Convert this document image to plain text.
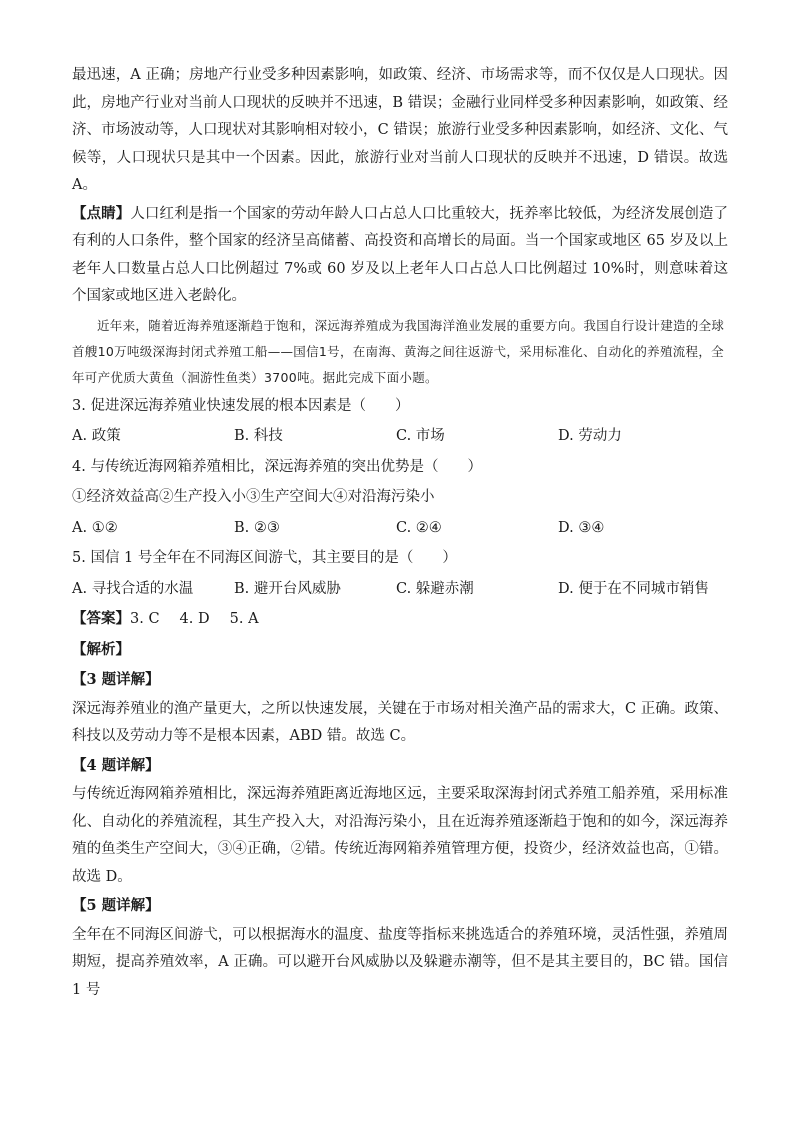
最迅速，A 正确；房地产行业受多种因素影响，如政策、经济、市场需求等，而不仅仅是人口现状。因此，房地产行业对当前人口现状的反映并不迅速，B 错误；金融行业同样受多种因素影响，如政策、经济、市场波动等，人口现状对其影响相对较小，C 错误；旅游行业受多种因素影响，如经济、文化、气候等，人口现状只是其中一个因素。因此，旅游行业对当前人口现状的反映并不迅速，D 错误。故选 A。

【点睛】人口红利是指一个国家的劳动年龄人口占总人口比重较大，抚养率比较低，为经济发展创造了有利的人口条件，整个国家的经济呈高储蓄、高投资和高增长的局面。当一个国家或地区 65 岁及以上老年人口数量占总人口比例超过 7%或 60 岁及以上老年人口占总人口比例超过 10%时，则意味着这个国家或地区进入老龄化。

近年来，随着近海养殖逐渐趋于饱和，深远海养殖成为我国海洋渔业发展的重要方向。我国自行设计建造的全球首艘10万吨级深海封闭式养殖工船——国信1号，在南海、黄海之间往返游弋，采用标准化、自动化的养殖流程，全年可产优质大黄鱼（洄游性鱼类）3700吨。据此完成下面小题。

3. 促进深远海养殖业快速发展的根本因素是（　　）

A. 政策	B. 科技	C. 市场	D. 劳动力

4. 与传统近海网箱养殖相比，深远海养殖的突出优势是（　　）

①经济效益高②生产投入小③生产空间大④对沿海污染小

A. ①②	B. ②③	C. ②④	D. ③④

5. 国信 1 号全年在不同海区间游弋，其主要目的是（　　）

A. 寻找合适的水温	B. 避开台风威胁	C. 躲避赤潮	D. 便于在不同城市销售

【答案】3. C 4. D 5. A

【解析】

【3 题详解】

深远海养殖业的渔产量更大，之所以快速发展，关键在于市场对相关渔产品的需求大，C 正确。政策、科技以及劳动力等不是根本因素，ABD 错。故选 C。

【4 题详解】

与传统近海网箱养殖相比，深远海养殖距离近海地区远，主要采取深海封闭式养殖工船养殖，采用标准化、自动化的养殖流程，其生产投入大，对沿海污染小，且在近海养殖逐渐趋于饱和的如今，深远海养殖的鱼类生产空间大，③④正确，②错。传统近海网箱养殖管理方便，投资少，经济效益也高，①错。故选 D。

【5 题详解】

全年在不同海区间游弋，可以根据海水的温度、盐度等指标来挑选适合的养殖环境，灵活性强，养殖周期短，提高养殖效率，A 正确。可以避开台风威胁以及躲避赤潮等，但不是其主要目的，BC 错。国信 1 号
